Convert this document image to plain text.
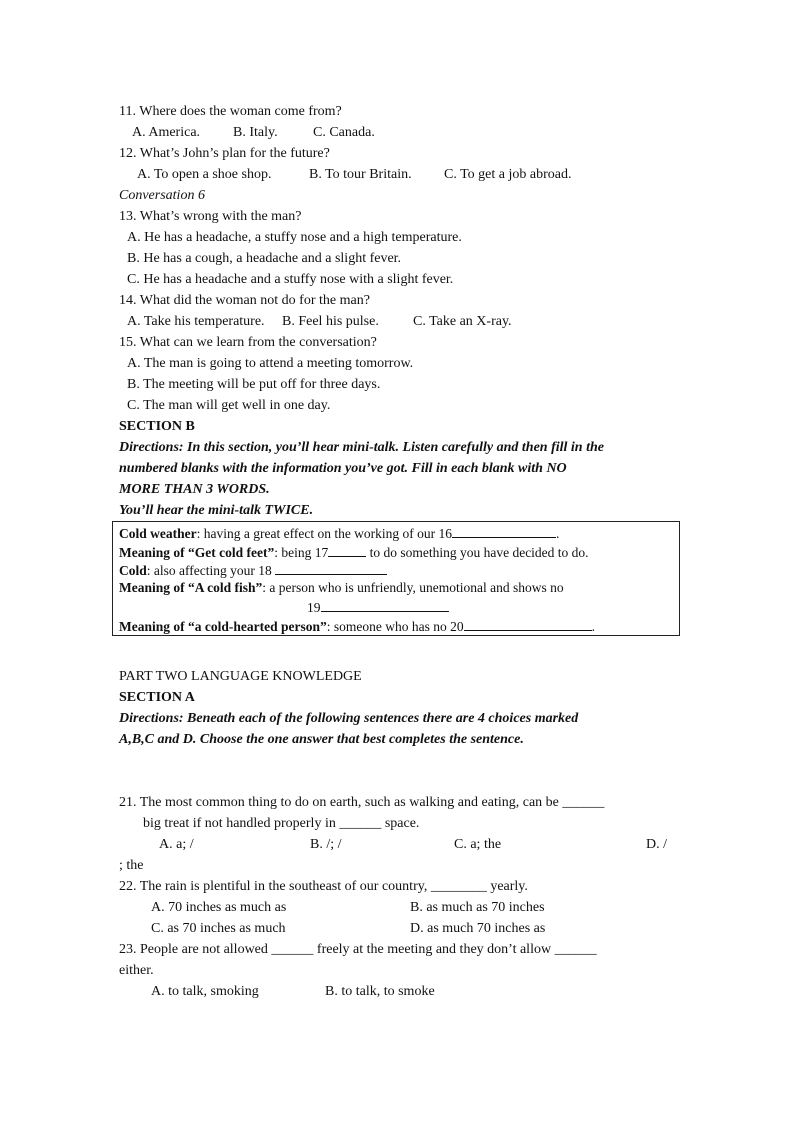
11. Where does the woman come from?
A. America. B. Italy.	C. Canada.
12. What’s John’s plan for the future?
A. To open a shoe shop.	B. To tour Britain. C. To get a job abroad.
Conversation 6
13. What’s wrong with the man?
A. He has a headache, a stuffy nose and a high temperature.
B. He has a cough, a headache and a slight fever.
C. He has a headache and a stuffy nose with a slight fever.
14. What did the woman not do for the man?
A. Take his temperature. B. Feel his pulse. C. Take an X-ray.
15. What can we learn from the conversation?
A. The man is going to attend a meeting tomorrow.
B. The meeting will be put off for three days.
C. The man will get well in one day.
SECTION B
Directions: In this section, you’ll hear mini-talk. Listen carefully and then fill in the
numbered blanks with the information you’ve got. Fill in each blank with NO
MORE THAN 3 WORDS.
You’ll hear the mini-talk TWICE.
Cold weather: having a great effect on the working of our 16	.
Meaning of “Get cold feet”: being 17	to do something you have decided to do.
Cold: also affecting your 18
Meaning of “A cold fish”: a person who is unfriendly, unemotional and shows no
19
Meaning of “a cold-hearted person”: someone who has no 20	.
PART TWO LANGUAGE KNOWLEDGE
SECTION A
Directions: Beneath each of the following sentences there are 4 choices marked
A,B,C and D. Choose the one answer that best completes the sentence.
21. The most common thing to do on earth, such as walking and eating, can be ______
big treat if not handled properly in ______ space.
A. a; /	B. /; /	C. a; the	D. /
; the
22. The rain is plentiful in the southeast of our country, ________ yearly.
A. 70 inches as much as	B. as much as 70 inches
C. as 70 inches as much	D. as much 70 inches as
23. People are not allowed ______ freely at the meeting and they don’t allow ______
either.
A. to talk, smoking	B. to talk, to smoke
